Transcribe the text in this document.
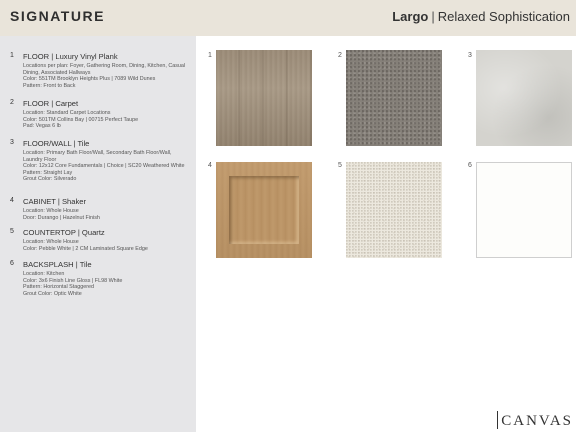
SIGNATURE	Largo | Relaxed Sophistication
1 FLOOR | Luxury Vinyl Plank
Locations per plan: Foyer, Gathering Room, Dining, Kitchen, Casual Dining, Associated Hallways
Color: 551TM Brooklyn Heights Plus | 7089 Wild Dunes
Pattern: Front to Back
2 FLOOR | Carpet
Location: Standard Carpet Locations
Color: 501TM Collins Bay | 00715 Perfect Taupe
Pad: Vegas 6 lb
3 FLOOR/WALL | Tile
Location: Primary Bath Floor/Wall, Secondary Bath Floor/Wall, Laundry Floor
Color: 12x12 Core Fundamentals | Choice | SC20 Weathered White
Pattern: Straight Lay
Grout Color: Silverado
4 CABINET | Shaker
Location: Whole House
Door: Durango | Hazelnut Finish
5 COUNTERTOP | Quartz
Location: Whole House
Color: Pebble White | 2 CM Laminated Square Edge
6 BACKSPLASH | Tile
Location: Kitchen
Color: 3x6 Finish Line Gloss | FL98 White
Pattern: Horizontal Staggered
Grout Color: Optic White
1	2	3
4	5	6
CANVAS
